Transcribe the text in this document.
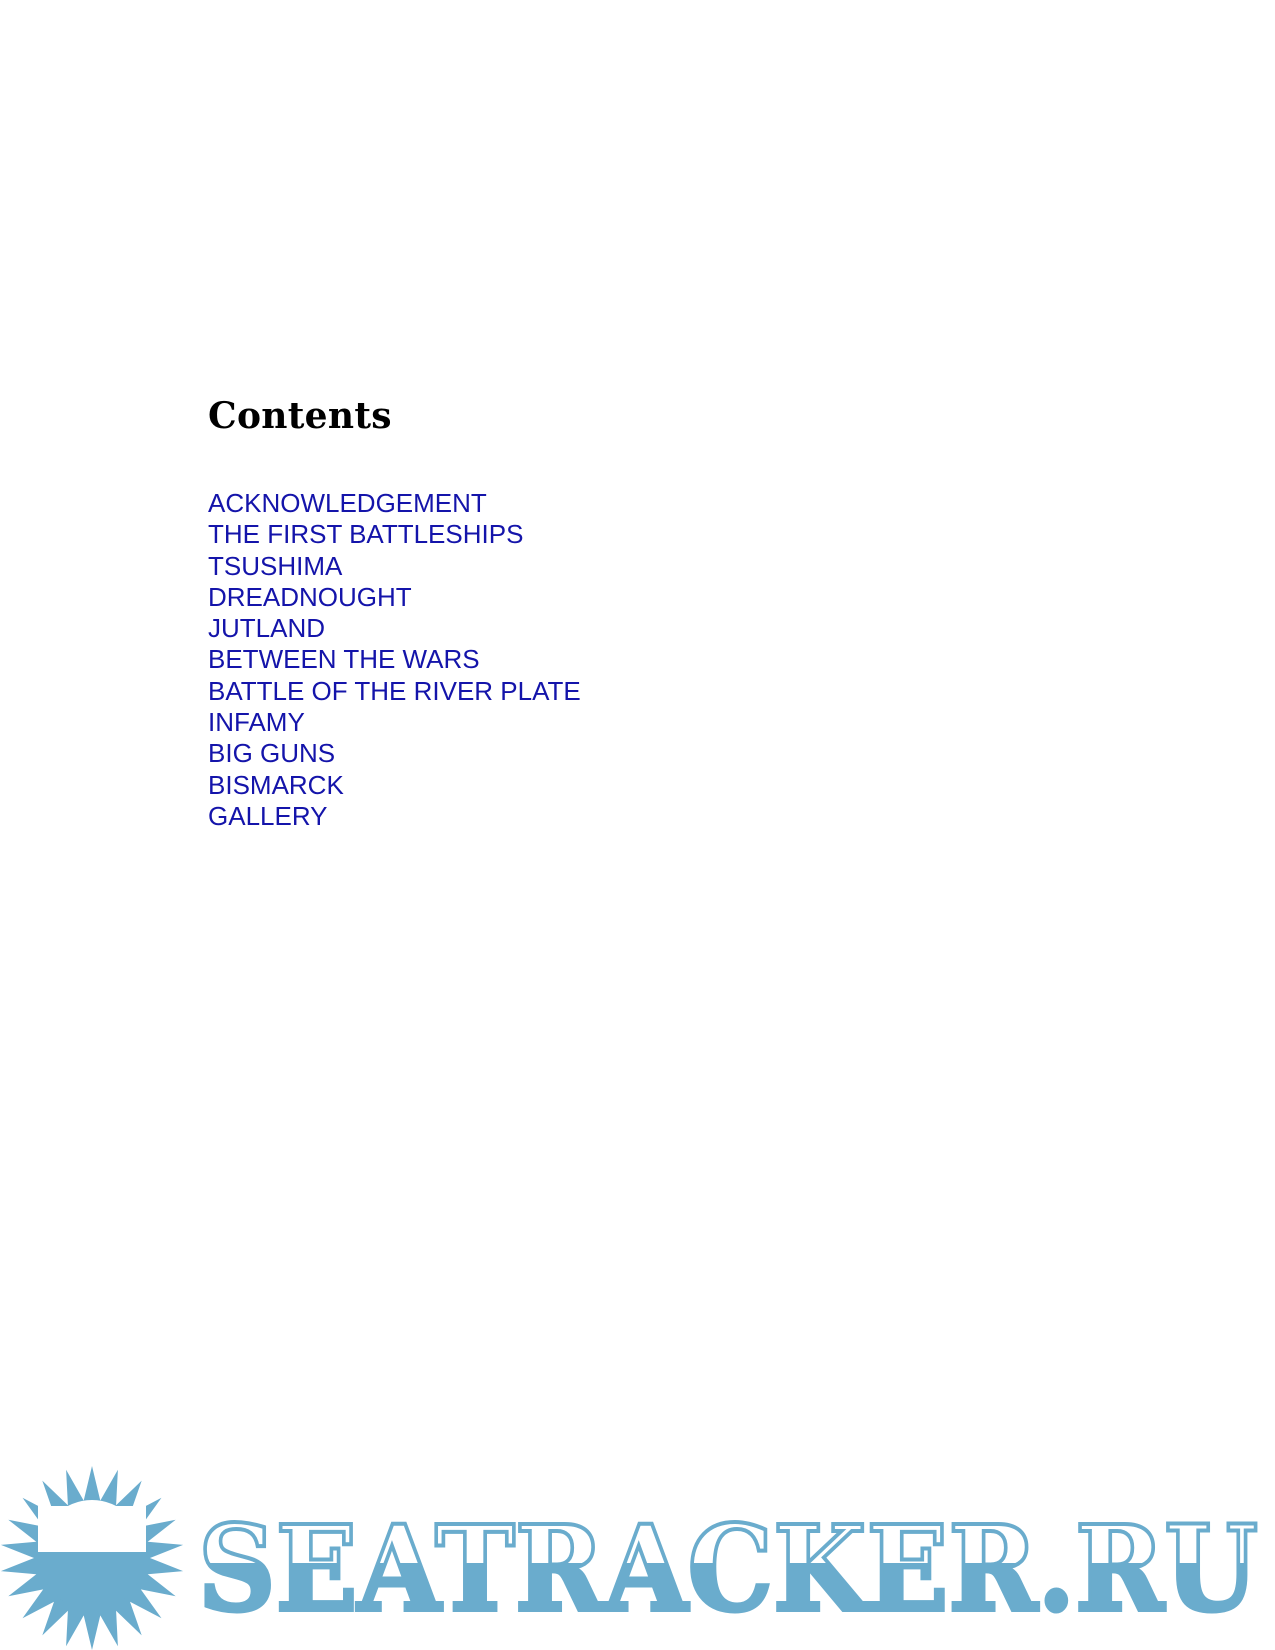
Contents
ACKNOWLEDGEMENT
THE FIRST BATTLESHIPS
TSUSHIMA
DREADNOUGHT
JUTLAND
BETWEEN THE WARS
BATTLE OF THE RIVER PLATE
INFAMY
BIG GUNS
BISMARCK
GALLERY
SEATRACKER.RU
